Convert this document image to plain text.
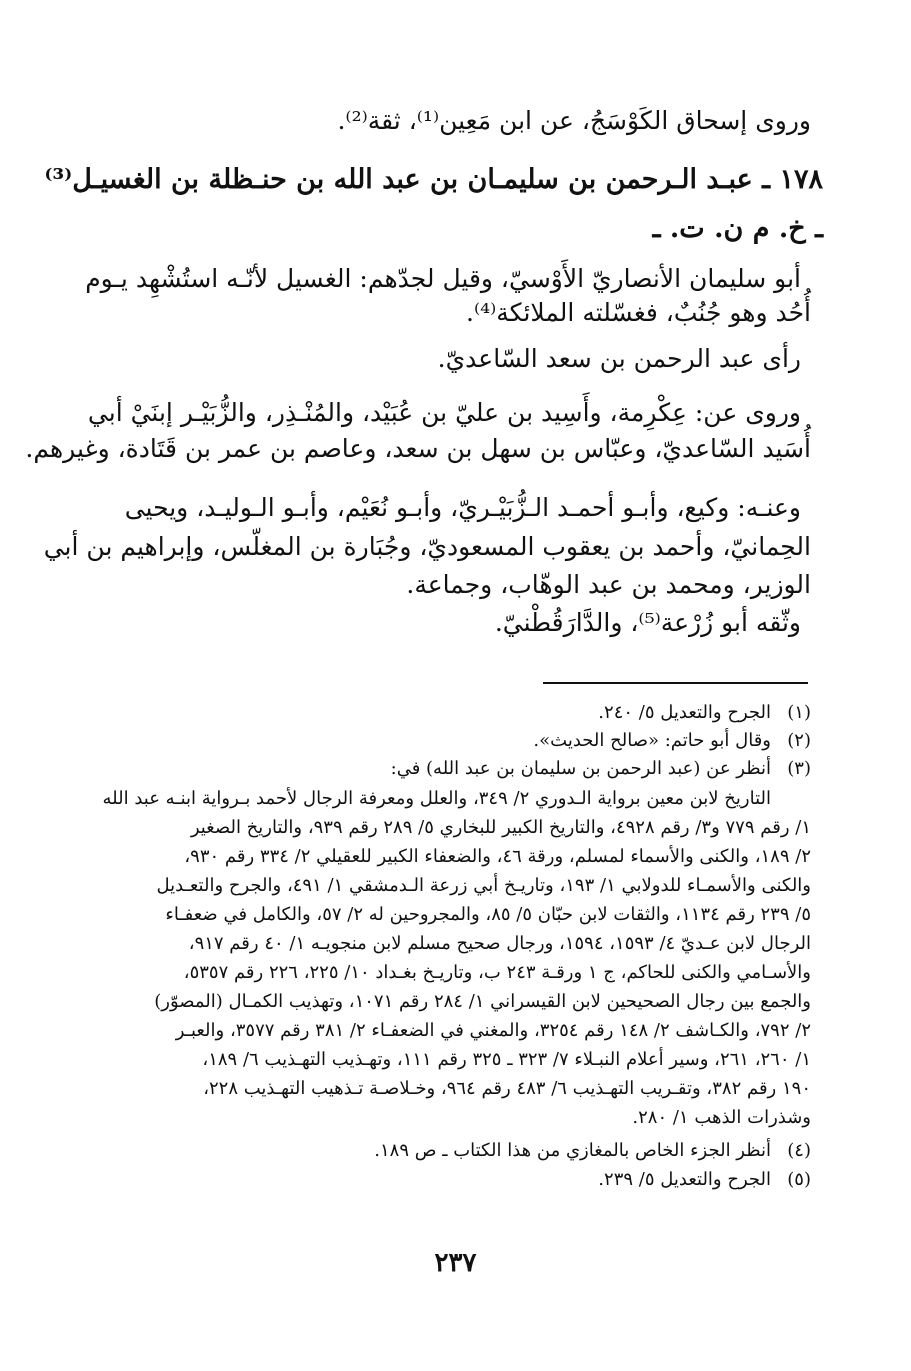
وروى إسحاق الكَوْسَجُ، عن ابن مَعِين⁽¹⁾، ثقة⁽²⁾.
١٧٨ ـ عبـد الـرحمن بن سليمـان بن عبد الله بن حنـظلة بن الغسيـل⁽³⁾
ـ خ. م ن. ت. ـ
أبو سليمان الأنصاريّ الأَوْسيّ، وقيل لجدّهم: الغسيل لأنّـه استُشْهِد يـوم
أُحُد وهو جُنُبٌ، فغسّلته الملائكة⁽⁴⁾.
رأى عبد الرحمن بن سعد السّاعديّ.
وروى عن: عِكْرِمة، وأَسِيد بن عليّ بن عُبَيْد، والمُنْـذِر، والزُّبَيْـر إبنَيْ أبي
أُسَيد السّاعديّ، وعبّاس بن سهل بن سعد، وعاصم بن عمر بن قَتَادة، وغيرهم.
وعنـه: وكيع، وأبـو أحمـد الـزُّبَيْـريّ، وأبـو نُعَيْم، وأبـو الـوليـد، ويحيى
الحِمانيّ، وأحمد بن يعقوب المسعوديّ، وجُبَارة بن المغلّس، وإبراهيم بن أبي
الوزير، ومحمد بن عبد الوهّاب، وجماعة.
وثّقه أبو زُرْعة⁽⁵⁾، والدَّارَقُطْنيّ.
(١)
الجرح والتعديل ٥/ ٢٤٠.
(٢)
وقال أبو حاتم: «صالح الحديث».
(٣)
أنظر عن (عبد الرحمن بن سليمان بن عبد الله) في:
التاريخ لابن معين برواية الـدوري ٢/ ٣٤٩، والعلل ومعرفة الرجال لأحمد بـرواية ابنـه عبد الله
١/ رقم ٧٧٩ و٣/ رقم ٤٩٢٨، والتاريخ الكبير للبخاري ٥/ ٢٨٩ رقم ٩٣٩، والتاريخ الصغير
٢/ ١٨٩، والكنى والأسماء لمسلم، ورقة ٤٦، والضعفاء الكبير للعقيلي ٢/ ٣٣٤ رقم ٩٣٠،
والكنى والأسمـاء للدولابي ١/ ١٩٣، وتاريـخ أبي زرعة الـدمشقي ١/ ٤٩١، والجرح والتعـديل
٥/ ٢٣٩ رقم ١١٣٤، والثقات لابن حبّان ٥/ ٨٥، والمجروحين له ٢/ ٥٧، والكامل في ضعفـاء
الرجال لابن عـديّ ٤/ ١٥٩٣، ١٥٩٤، ورجال صحيح مسلم لابن منجويـه ١/ ٤٠ رقم ٩١٧،
والأسـامي والكنى للحاكم، ج ١ ورقـة ٢٤٣ ب، وتاريـخ بغـداد ١٠/ ٢٢٥، ٢٢٦ رقم ٥٣٥٧،
والجمع بين رجال الصحيحين لابن القيسراني ١/ ٢٨٤ رقم ١٠٧١، وتهذيب الكمـال (المصوّر)
٢/ ٧٩٢، والكـاشف ٢/ ١٤٨ رقم ٣٢٥٤، والمغني في الضعفـاء ٢/ ٣٨١ رقم ٣٥٧٧، والعبـر
١/ ٢٦٠، ٢٦١، وسير أعلام النبـلاء ٧/ ٣٢٣ ـ ٣٢٥ رقم ١١١، وتهـذيب التهـذيب ٦/ ١٨٩،
١٩٠ رقم ٣٨٢، وتقـريب التهـذيب ٦/ ٤٨٣ رقم ٩٦٤، وخـلاصـة تـذهيب التهـذيب ٢٢٨،
وشذرات الذهب ١/ ٢٨٠.
(٤)
أنظر الجزء الخاص بالمغازي من هذا الكتاب ـ ص ١٨٩.
(٥)
الجرح والتعديل ٥/ ٢٣٩.
٢٣٧
